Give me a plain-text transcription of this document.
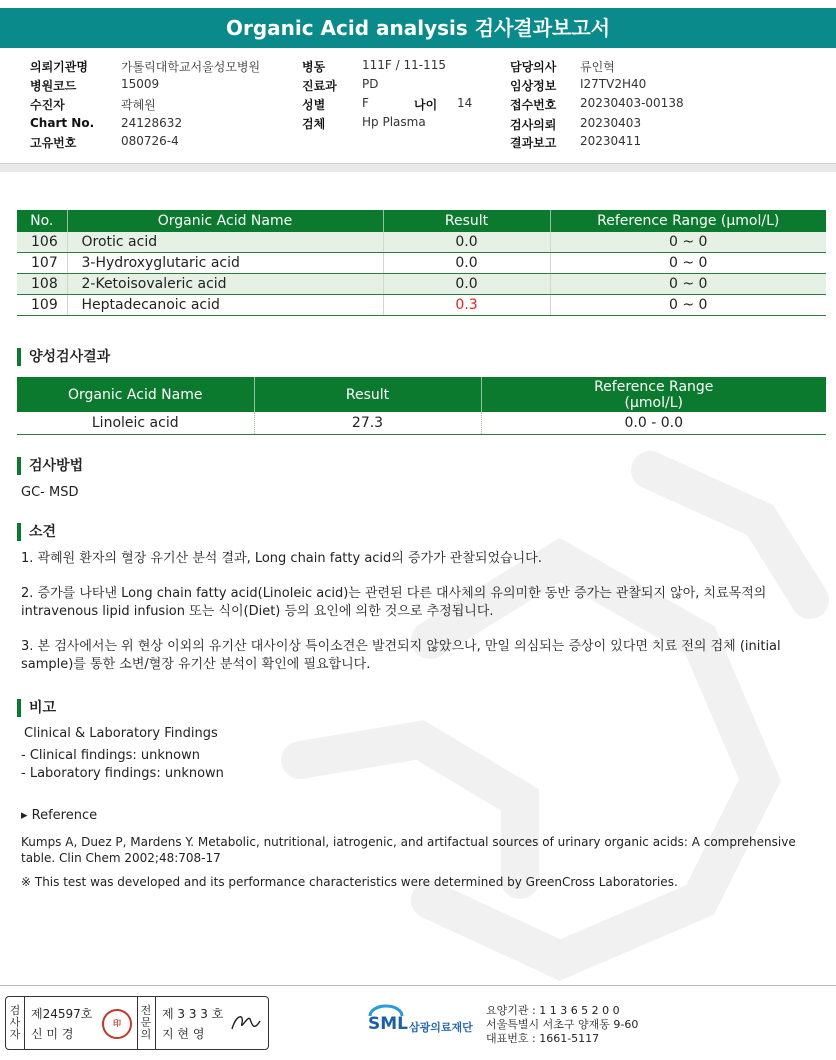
Organic Acid analysis 검사결과보고서
의뢰기관명	가톨릭대학교서울성모병원
병원코드	15009
수진자	곽혜원
Chart No. 24128632
고유번호	080726-4
병동	111F / 11-115
진료과 PD
성별	F	나이 14
검체	Hp Plasma
담당의사 류인혁
임상정보 I27TV2H40
접수번호 20230403-00138
검사의뢰 20230403
결과보고 20230411
No.	Organic Acid Name	Result	Reference Range (μmol/L)
106	Orotic acid	0.0	0 ~ 0
107	3-Hydroxyglutaric acid	0.0	0 ~ 0
108	2-Ketoisovaleric acid	0.0	0 ~ 0
109	Heptadecanoic acid	0.3	0 ~ 0
양성검사결과
Organic Acid Name	Result	Reference Range
(μmol/L)

Linoleic acid	27.3	0.0 - 0.0
검사방법
GC- MSD
소견
1. 곽혜원 환자의 혈장 유기산 분석 결과, Long chain fatty acid의 증가가 관찰되었습니다.
2. 증가를 나타낸 Long chain fatty acid(Linoleic acid)는 관련된 다른 대사체의 유의미한 동반 증가는 관찰되지 않아, 치료목적의
intravenous lipid infusion 또는 식이(Diet) 등의 요인에 의한 것으로 추정됩니다.
3. 본 검사에서는 위 현상 이외의 유기산 대사이상 특이소견은 발견되지 않았으나, 만일 의심되는 증상이 있다면 치료 전의 검체 (initial
sample)를 통한 소변/혈장 유기산 분석이 확인에 필요합니다.
비고
Clinical & Laboratory Findings
- Clinical findings: unknown
- Laboratory findings: unknown
▸ Reference
Kumps A, Duez P, Mardens Y. Metabolic, nutritional, iatrogenic, and artifactual sources of urinary organic acids: A comprehensive
table. Clin Chem 2002;48:708-17
※ This test was developed and its performance characteristics were determined by GreenCross Laboratories.
검사자
제24597호
신 미 경
印
전문의
제 3 3 3 호
지 현 영	SML 삼광의료재단
요양기관 : 1 1 3 6 5 2 0 0
서울특별시 서초구 양재동 9-60
대표번호 : 1661-5117
